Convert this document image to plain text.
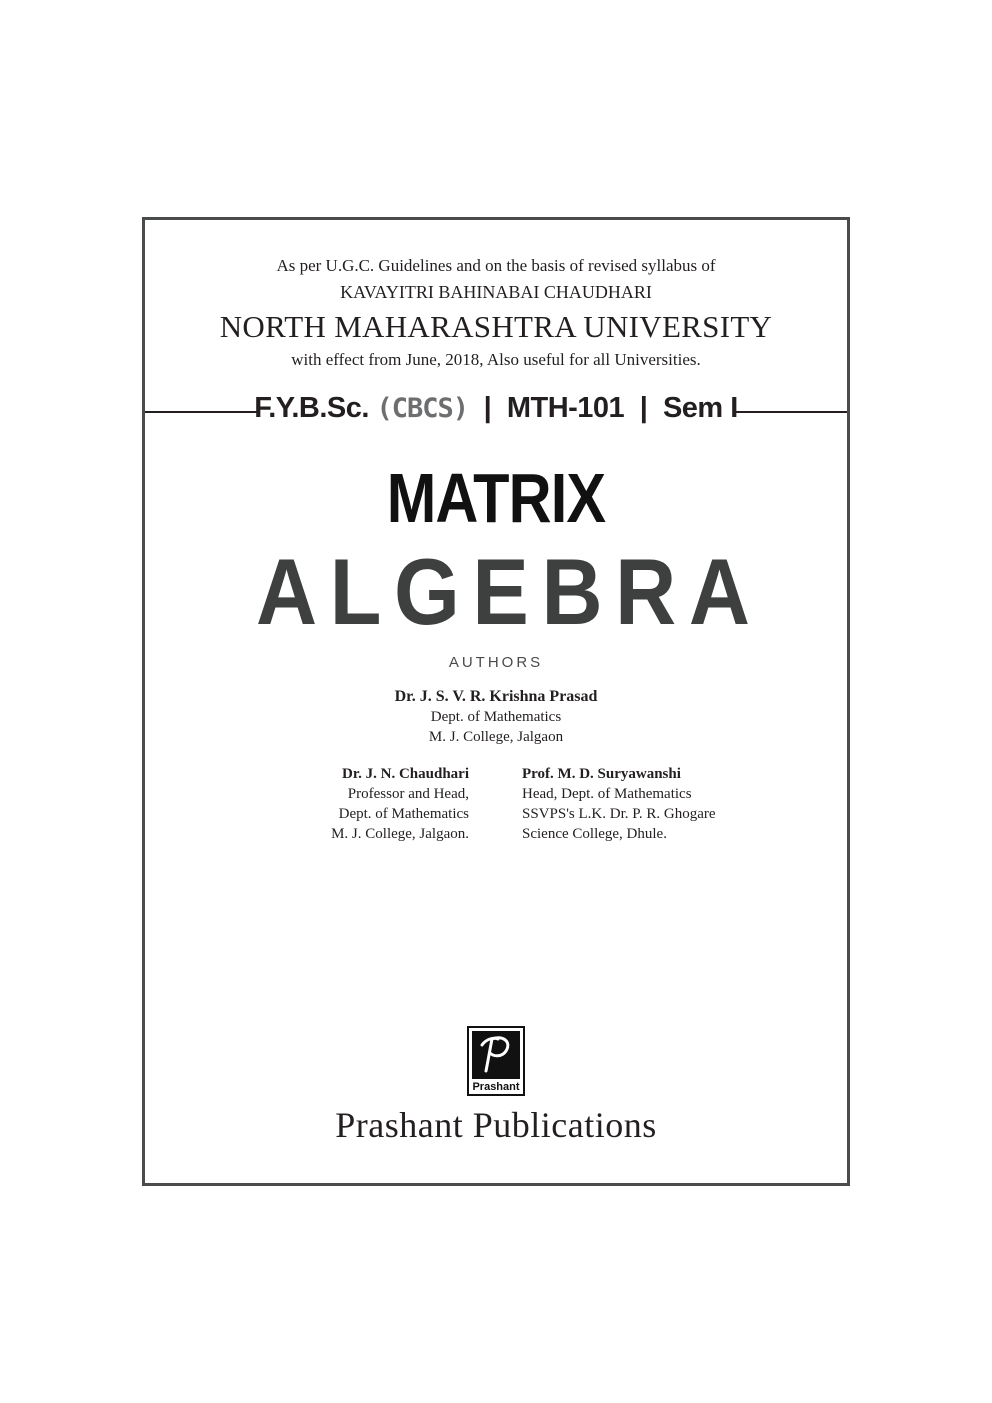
As per U.G.C. Guidelines and on the basis of revised syllabus of
KAVAYITRI BAHINABAI CHAUDHARI
NORTH MAHARASHTRA UNIVERSITY
with effect from June, 2018, Also useful for all Universities.
F.Y.B.Sc. (CBCS) | MTH-101 | Sem I
MATRIX
ALGEBRA
AUTHORS
Dr. J. S. V. R. Krishna Prasad
Dept. of Mathematics
M. J. College, Jalgaon
Dr. J. N. Chaudhari
Professor and Head,
Dept. of Mathematics
M. J. College, Jalgaon.
Prof. M. D. Suryawanshi
Head, Dept. of Mathematics
SSVPS's L.K. Dr. P. R. Ghogare
Science College, Dhule.
Prashant
Prashant Publications
